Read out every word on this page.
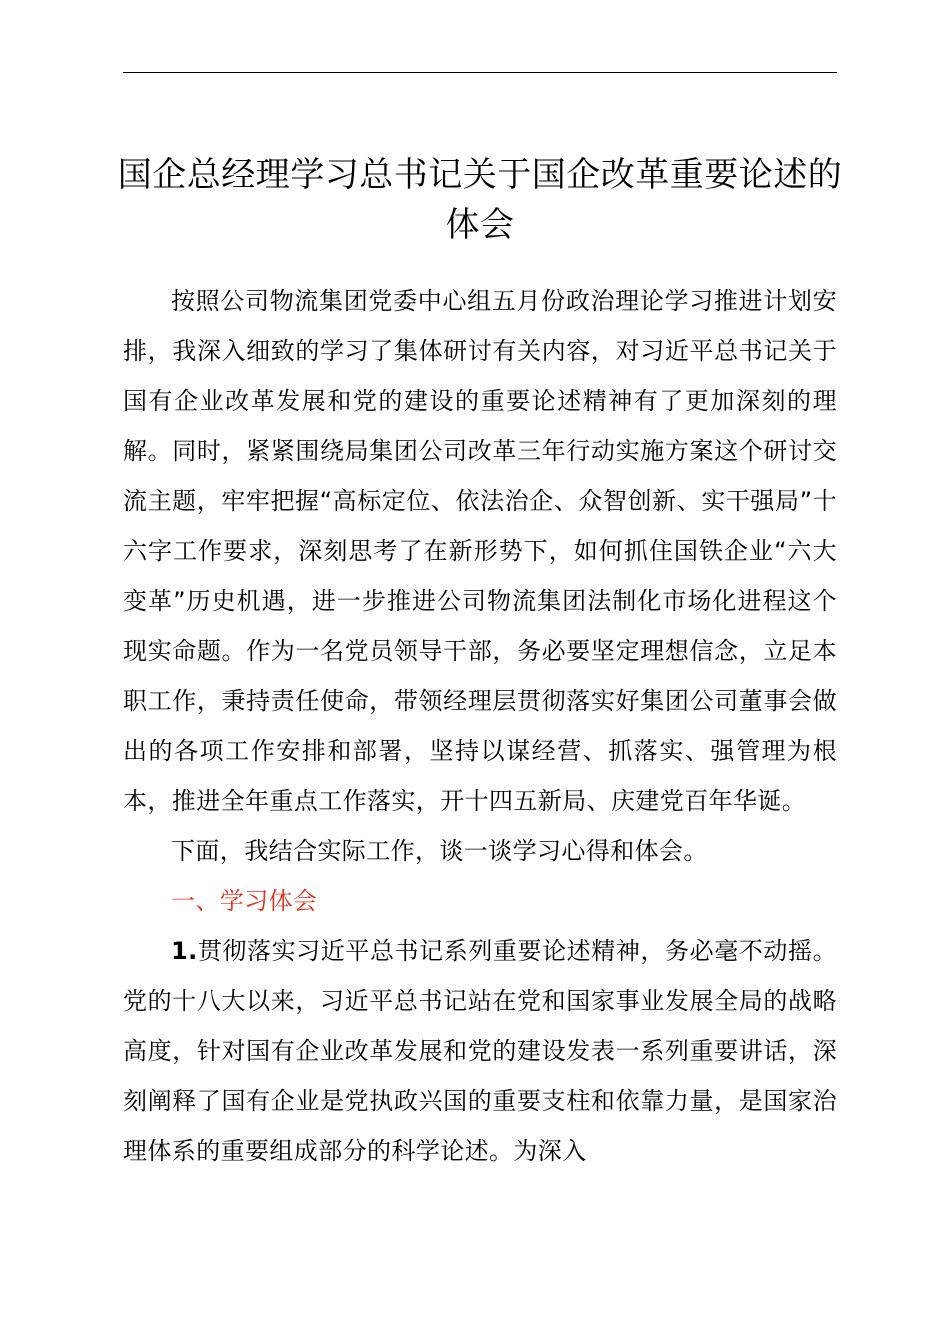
国企总经理学习总书记关于国企改革重要论述的体会

按照公司物流集团党委中心组五月份政治理论学习推进计划安排，我深入细致的学习了集体研讨有关内容，对习近平总书记关于国有企业改革发展和党的建设的重要论述精神有了更加深刻的理解。同时，紧紧围绕局集团公司改革三年行动实施方案这个研讨交流主题，牢牢把握“高标定位、依法治企、众智创新、实干强局”十六字工作要求，深刻思考了在新形势下，如何抓住国铁企业“六大变革”历史机遇，进一步推进公司物流集团法制化市场化进程这个现实命题。作为一名党员领导干部，务必要坚定理想信念，立足本职工作，秉持责任使命，带领经理层贯彻落实好集团公司董事会做出的各项工作安排和部署，坚持以谋经营、抓落实、强管理为根本，推进全年重点工作落实，开十四五新局、庆建党百年华诞。

下面，我结合实际工作，谈一谈学习心得和体会。

一、学习体会

1.贯彻落实习近平总书记系列重要论述精神，务必毫不动摇。党的十八大以来，习近平总书记站在党和国家事业发展全局的战略高度，针对国有企业改革发展和党的建设发表一系列重要讲话，深刻阐释了国有企业是党执政兴国的重要支柱和依靠力量，是国家治理体系的重要组成部分的科学论述。为深入
